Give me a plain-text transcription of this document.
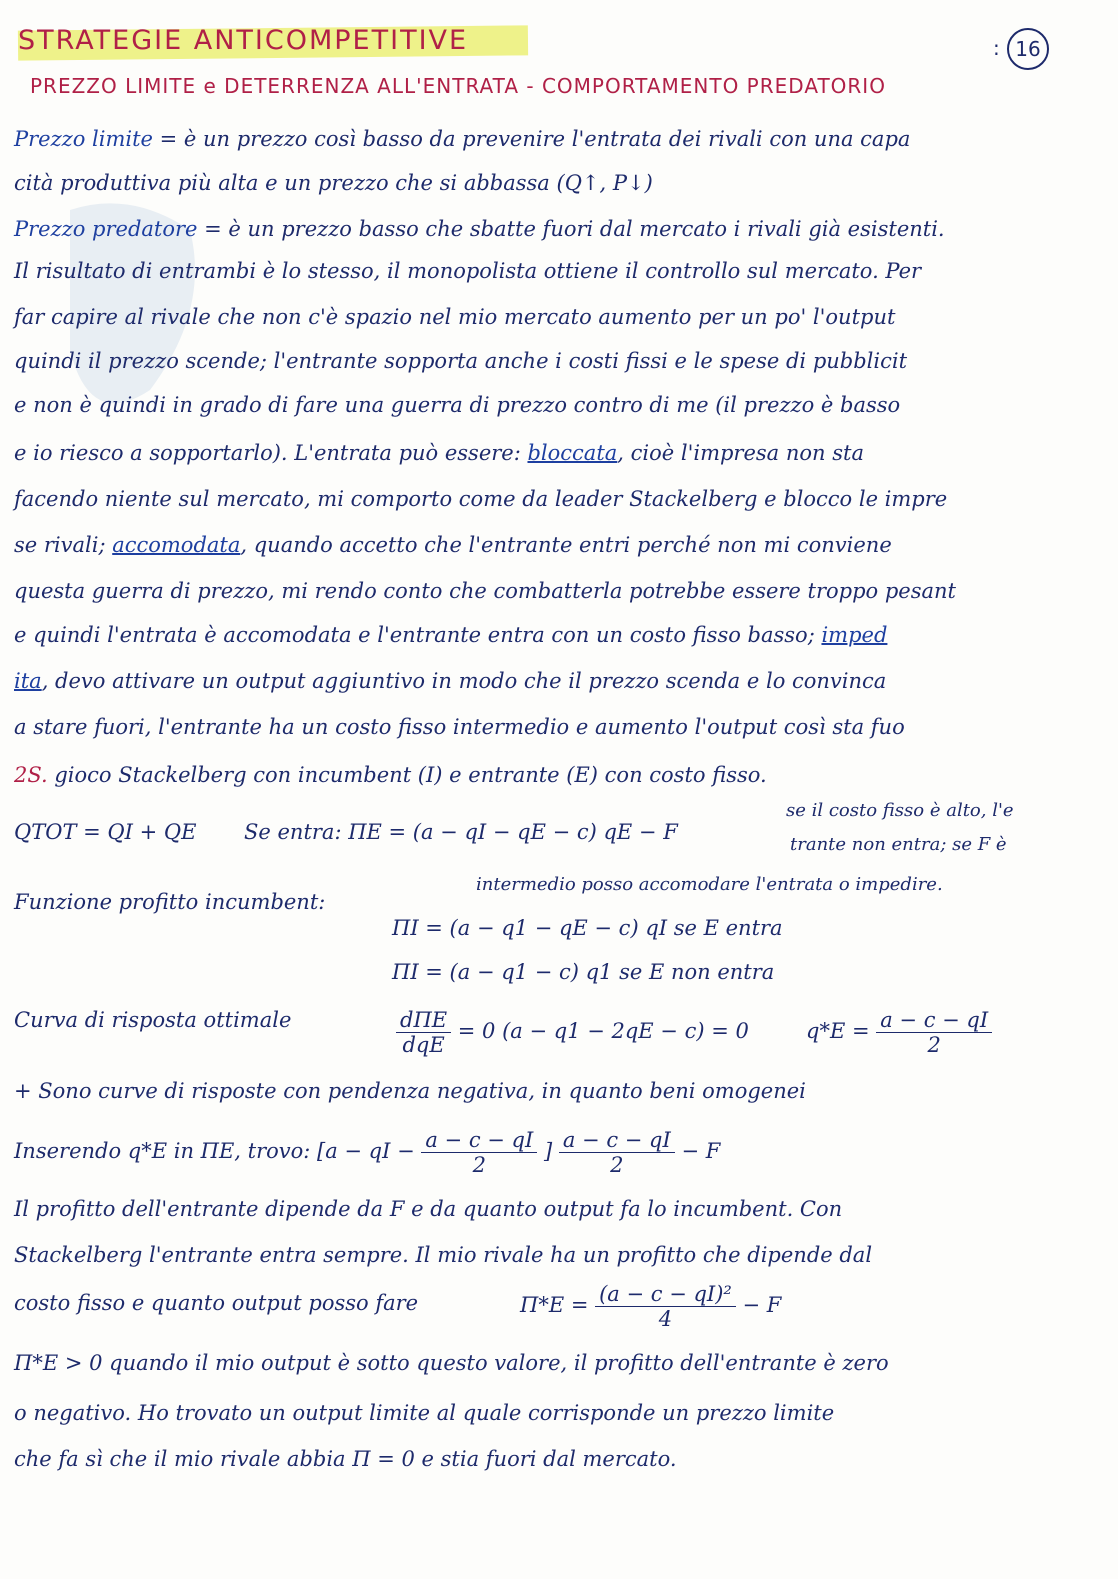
STRATEGIE ANTICOMPETITIVE	: 16
PREZZO LIMITE e DETERRENZA ALL'ENTRATA - COMPORTAMENTO PREDATORIO
Prezzo limite = è un prezzo così basso da prevenire l'entrata dei rivali con una capa
cità produttiva più alta e un prezzo che si abbassa (Q↑, P↓)
Prezzo predatore = è un prezzo basso che sbatte fuori dal mercato i rivali già esistenti.
Il risultato di entrambi è lo stesso, il monopolista ottiene il controllo sul mercato. Per
far capire al rivale che non c'è spazio nel mio mercato aumento per un po' l'output
quindi il prezzo scende; l'entrante sopporta anche i costi fissi e le spese di pubblicit
e non è quindi in grado di fare una guerra di prezzo contro di me (il prezzo è basso
e io riesco a sopportarlo). L'entrata può essere: bloccata, cioè l'impresa non sta
facendo niente sul mercato, mi comporto come da leader Stackelberg e blocco le impre
se rivali; accomodata, quando accetto che l'entrante entri perché non mi conviene
questa guerra di prezzo, mi rendo conto che combatterla potrebbe essere troppo pesant
e quindi l'entrata è accomodata e l'entrante entra con un costo fisso basso; imped
ita, devo attivare un output aggiuntivo in modo che il prezzo scenda e lo convinca
a stare fuori, l'entrante ha un costo fisso intermedio e aumento l'output così sta fuo
2S. gioco Stackelberg con incumbent (I) e entrante (E) con costo fisso.
QTOT = QI + QE Se entra: ΠE = (a − qI − qE − c) qE − F
se il costo fisso è alto, l'e
trante non entra; se F è
intermedio posso accomodare l'entrata o impedire.
Funzione profitto incumbent:
ΠI = (a − q1 − qE − c) qI se E entra
ΠI = (a − q1 − c) q1 se E non entra
Curva di risposta ottimale	$\frac{\text{dΠE}}{\text{dqE}} = 0$ (a − q1 − 2qE − c) = 0	$q*E = \frac{a - c - qI}{2}$
+ Sono curve di risposte con pendenza negativa, in quanto beni omogenei
Inserendo q*E in ΠE, trovo: [a − qI − $\frac{a - c - qI}{2}$ ] $\frac{a - c - qI}{2} - F$
Il profitto dell'entrante dipende da F e da quanto output fa lo incumbent. Con
Stackelberg l'entrante entra sempre. Il mio rivale ha un profitto che dipende dal
costo fisso e quanto output posso fare	$\Pi*E = \frac{\text{(a − c − qI)²}}{4} - F$
Π*E > 0 quando il mio output è sotto questo valore, il profitto dell'entrante è zero
o negativo. Ho trovato un output limite al quale corrisponde un prezzo limite
che fa sì che il mio rivale abbia Π = 0 e stia fuori dal mercato.
